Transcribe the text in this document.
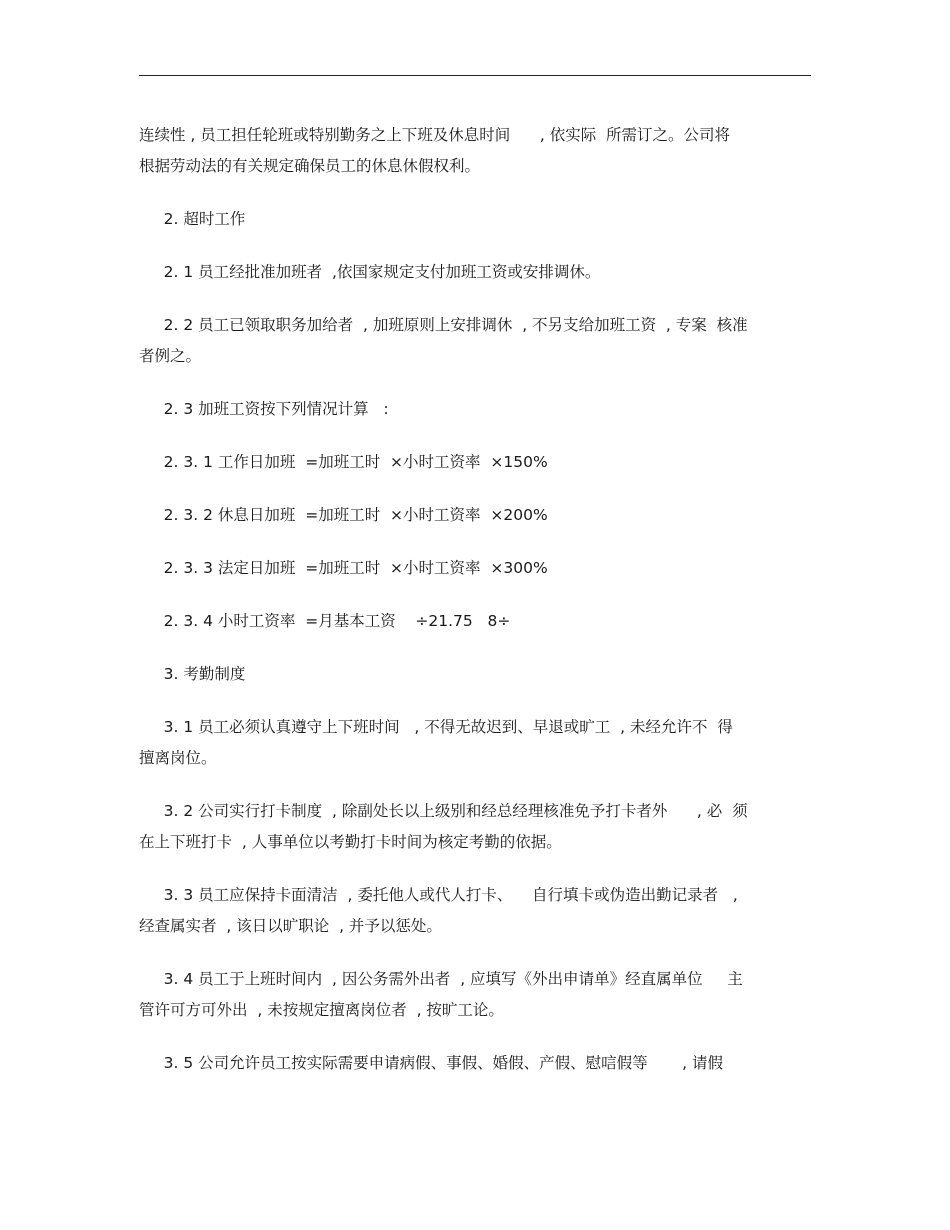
连续性 , 员工担任轮班或特别勤务之上下班及休息时间      , 依实际  所需订之。公司将
根据劳动法的有关规定确保员工的休息休假权利。

2. 超时工作

2. 1 员工经批准加班者  ,依国家规定支付加班工资或安排调休。

2. 2 员工已领取职务加给者  , 加班原则上安排调休  , 不另支给加班工资  , 专案  核准
者例之。

2. 3 加班工资按下列情况计算   :

2. 3. 1 工作日加班  =加班工时  ×小时工资率  ×150%

2. 3. 2 休息日加班  =加班工时  ×小时工资率  ×200%

2. 3. 3 法定日加班  =加班工时  ×小时工资率  ×300%

2. 3. 4 小时工资率  =月基本工资    ÷21.75   8÷

3. 考勤制度

3. 1 员工必须认真遵守上下班时间   , 不得无故迟到、早退或旷工  , 未经允许不  得
擅离岗位。

3. 2 公司实行打卡制度  , 除副处长以上级别和经总经理核准免予打卡者外      , 必  须
在上下班打卡  , 人事单位以考勤打卡时间为核定考勤的依据。

3. 3 员工应保持卡面清洁  , 委托他人或代人打卡、    自行填卡或伪造出勤记录者   ,
经查属实者  , 该日以旷职论  , 并予以惩处。

3. 4 员工于上班时间内  , 因公务需外出者  , 应填写《外出申请单》经直属单位     主
管许可方可外出  , 未按规定擅离岗位者  , 按旷工论。

3. 5 公司允许员工按实际需要申请病假、事假、婚假、产假、慰唁假等       , 请假
